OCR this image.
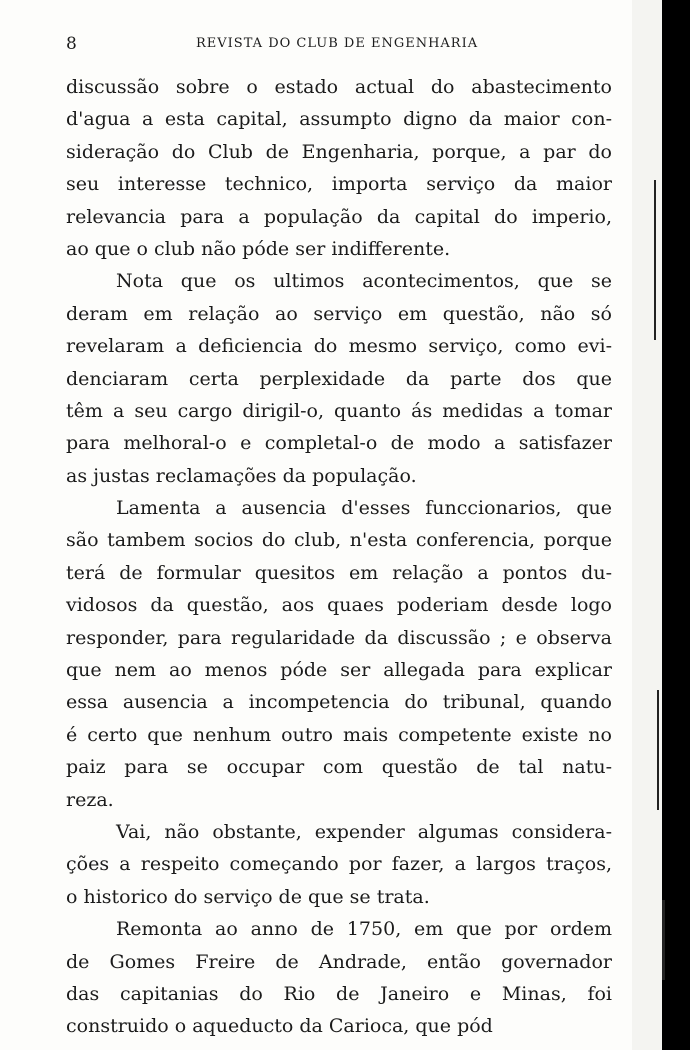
8	REVISTA DO CLUB DE ENGENHARIA
discussão sobre o estado actual do abastecimento
d'agua a esta capital, assumpto digno da maior con-
sideração do Club de Engenharia, porque, a par do
seu interesse technico, importa serviço da maior
relevancia para a população da capital do imperio,
ao que o club não póde ser indifferente.
Nota que os ultimos acontecimentos, que se
deram em relação ao serviço em questão, não só
revelaram a deficiencia do mesmo serviço, como evi-
denciaram certa perplexidade da parte dos que
têm a seu cargo dirigil-o, quanto ás medidas a tomar
para melhoral-o e completal-o de modo a satisfazer
as justas reclamações da população.
Lamenta a ausencia d'esses funccionarios, que
são tambem socios do club, n'esta conferencia, porque
terá de formular quesitos em relação a pontos du-
vidosos da questão, aos quaes poderiam desde logo
responder, para regularidade da discussão ; e observa
que nem ao menos póde ser allegada para explicar
essa ausencia a incompetencia do tribunal, quando
é certo que nenhum outro mais competente existe no
paiz para se occupar com questão de tal natu-
reza.
Vai, não obstante, expender algumas considera-
ções a respeito começando por fazer, a largos traços,
o historico do serviço de que se trata.
Remonta ao anno de 1750, em que por ordem
de Gomes Freire de Andrade, então governador
das capitanias do Rio de Janeiro e Minas, foi
construido o aqueducto da Carioca, que pód
